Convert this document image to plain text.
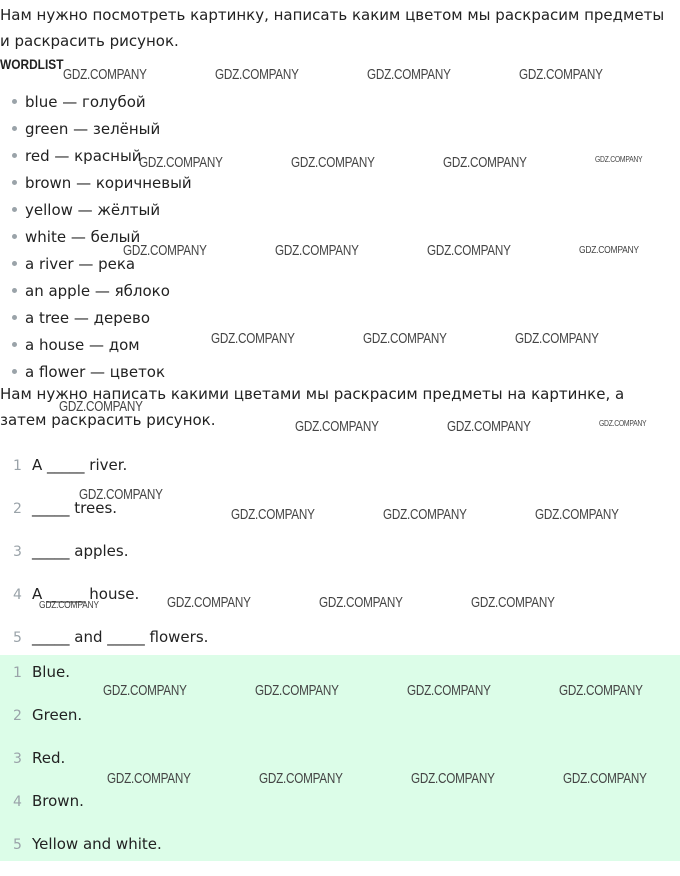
Нам нужно посмотреть картинку, написать каким цветом мы раскрасим предметы и раскрасить рисунок.
WORDLIST
blue — голубой
green — зелёный
red — красный
brown — коричневый
yellow — жёлтый
white — белый
a river — река
an apple — яблоко
a tree — дерево
a house — дом
a flower — цветок
Нам нужно написать какими цветами мы раскрасим предметы на картинке, а затем раскрасить рисунок.
1 A _____ river.
2 _____ trees.
3 _____ apples.
4 A _____ house.
5 _____ and _____ flowers.
1 Blue.
2 Green.
3 Red.
4 Brown.
5 Yellow and white.
GDZ.COMPANY	GDZ.COMPANY	GDZ.COMPANY	GDZ.COMPANY
GDZ.COMPANY	GDZ.COMPANY	GDZ.COMPANY	GDZ.COMPANY
GDZ.COMPANY	GDZ.COMPANY	GDZ.COMPANY	GDZ.COMPANY
GDZ.COMPANY	GDZ.COMPANY	GDZ.COMPANY
GDZ.COMPANY
GDZ.COMPANY	GDZ.COMPANY	GDZ.COMPANY
GDZ.COMPANY
GDZ.COMPANY	GDZ.COMPANY	GDZ.COMPANY
GDZ.COMPANY	GDZ.COMPANY	GDZ.COMPANY	GDZ.COMPANY
GDZ.COMPANY	GDZ.COMPANY	GDZ.COMPANY	GDZ.COMPANY
GDZ.COMPANY	GDZ.COMPANY	GDZ.COMPANY	GDZ.COMPANY
